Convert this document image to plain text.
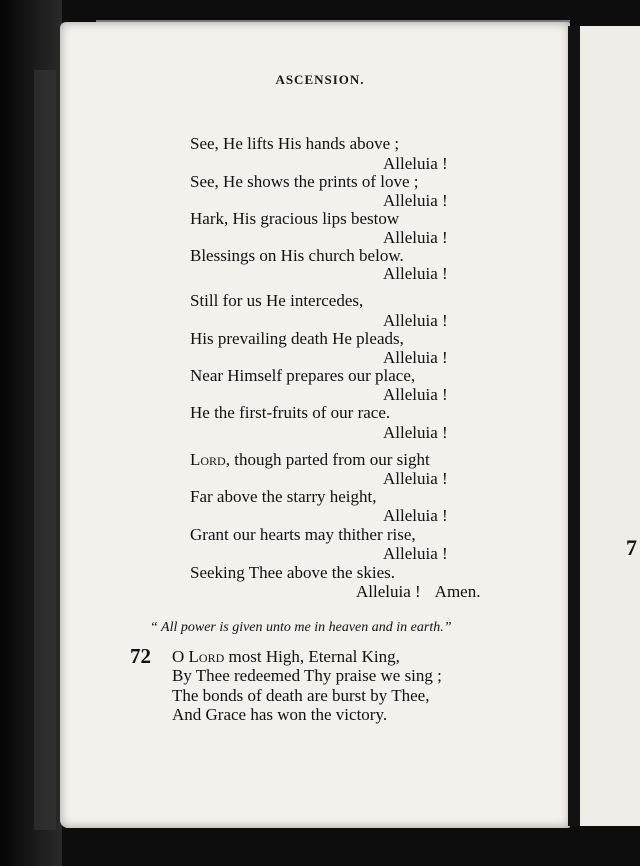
7
ASCENSION.
See, He lifts His hands above ;
Alleluia !
See, He shows the prints of love ;
Alleluia !
Hark, His gracious lips bestow
Alleluia !
Blessings on His church below.
Alleluia !
Still for us He intercedes,
Alleluia !
His prevailing death He pleads,
Alleluia !
Near Himself prepares our place,
Alleluia !
He the first-fruits of our race.
Alleluia !
Lord, though parted from our sight
Alleluia !
Far above the starry height,
Alleluia !
Grant our hearts may thither rise,
Alleluia !
Seeking Thee above the skies.
Alleluia ! Amen.
“ All power is given unto me in heaven and in earth.”
72 O Lord most High, Eternal King,
By Thee redeemed Thy praise we sing ;
The bonds of death are burst by Thee,
And Grace has won the victory.
